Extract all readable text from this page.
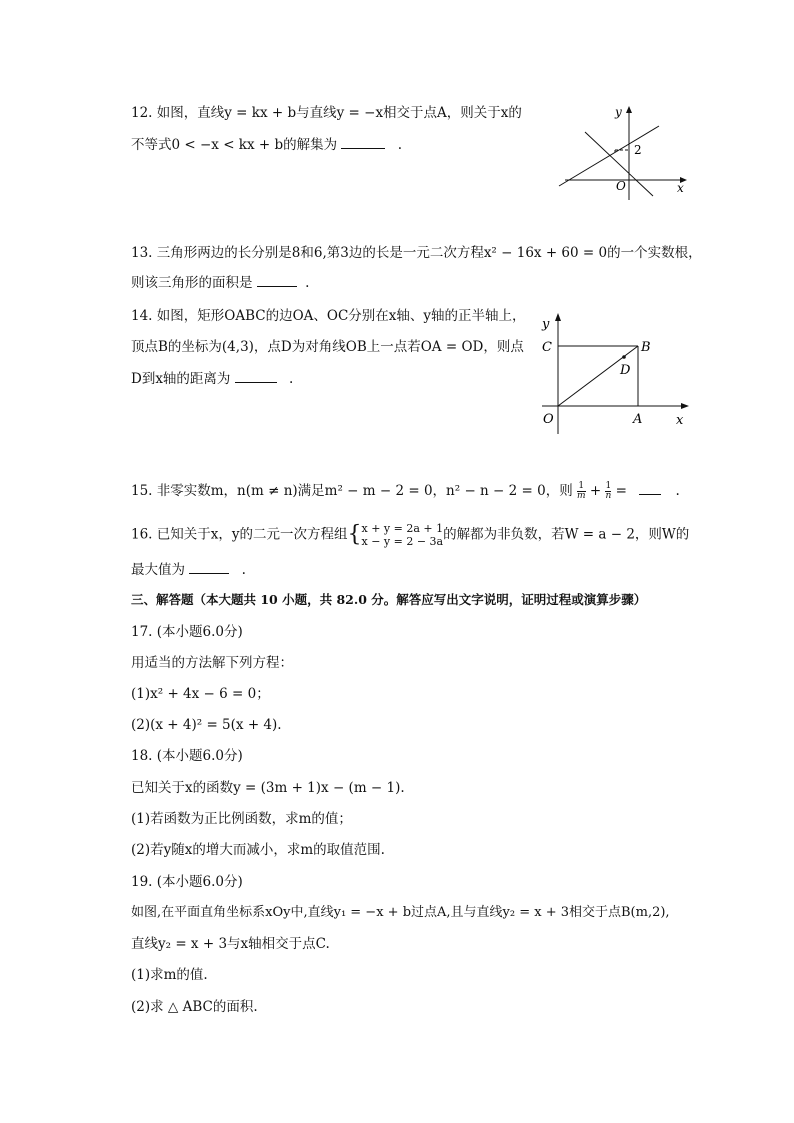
12. 如图，直线y = kx + b与直线y = −x相交于点A，则关于x的
不等式0 < −x < kx + b的解集为	.
y
2
O	x
13. 三角形两边的长分别是8和6,第3边的长是一元二次方程x² − 16x + 60 = 0的一个实数根，
则该三角形的面积是	.
14. 如图，矩形OABC的边OA、OC分别在x轴、y轴的正半轴上，
顶点B的坐标为(4,3)，点D为对角线OB上一点若OA = OD，则点
D到x轴的距离为	.
y
C	B
D
O	A	x
15. 非零实数m，n(m ≠ n)满足m² − m − 2 = 0，n² − n − 2 = 0，则 $\frac{1}{m} + \frac{1}{n}$ =	.
16. 已知关于x，y的二元一次方程组{ x + y = 2a + 1
x − y = 2 − 3a 的解都为非负数，若W = a − 2，则W的
最大值为	.
三、解答题（本大题共 10 小题，共 82.0 分。解答应写出文字说明，证明过程或演算步骤）
17. (本小题6.0分)
用适当的方法解下列方程：
(1)x² + 4x − 6 = 0；
(2)(x + 4)² = 5(x + 4).
18. (本小题6.0分)
已知关于x的函数y = (3m + 1)x − (m − 1).
(1)若函数为正比例函数，求m的值；
(2)若y随x的增大而减小，求m的取值范围.
19. (本小题6.0分)
如图,在平面直角坐标系xOy中,直线y₁ = −x + b过点A,且与直线y₂ = x + 3相交于点B(m,2),
直线y₂ = x + 3与x轴相交于点C.
(1)求m的值.
(2)求 △ ABC的面积.
